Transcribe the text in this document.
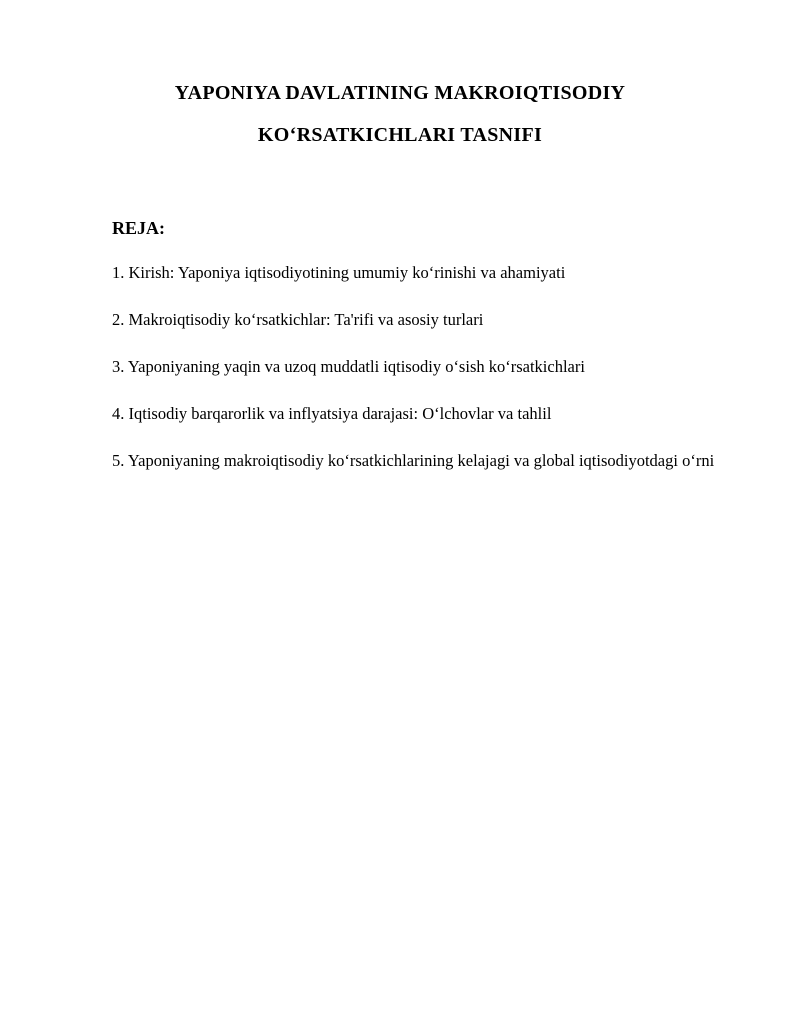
YAPONIYA DAVLATINING MAKROIQTISODIY
KOʻRSATKICHLARI TASNIFI

REJA:

1. Kirish: Yaponiya iqtisodiyotining umumiy koʻrinishi va ahamiyati

2. Makroiqtisodiy koʻrsatkichlar: Ta'rifi va asosiy turlari

3. Yaponiyaning yaqin va uzoq muddatli iqtisodiy oʻsish koʻrsatkichlari

4. Iqtisodiy barqarorlik va inflyatsiya darajasi: Oʻlchovlar va tahlil

5. Yaponiyaning makroiqtisodiy koʻrsatkichlarining kelajagi va global iqtisodiyotdagi oʻrni
